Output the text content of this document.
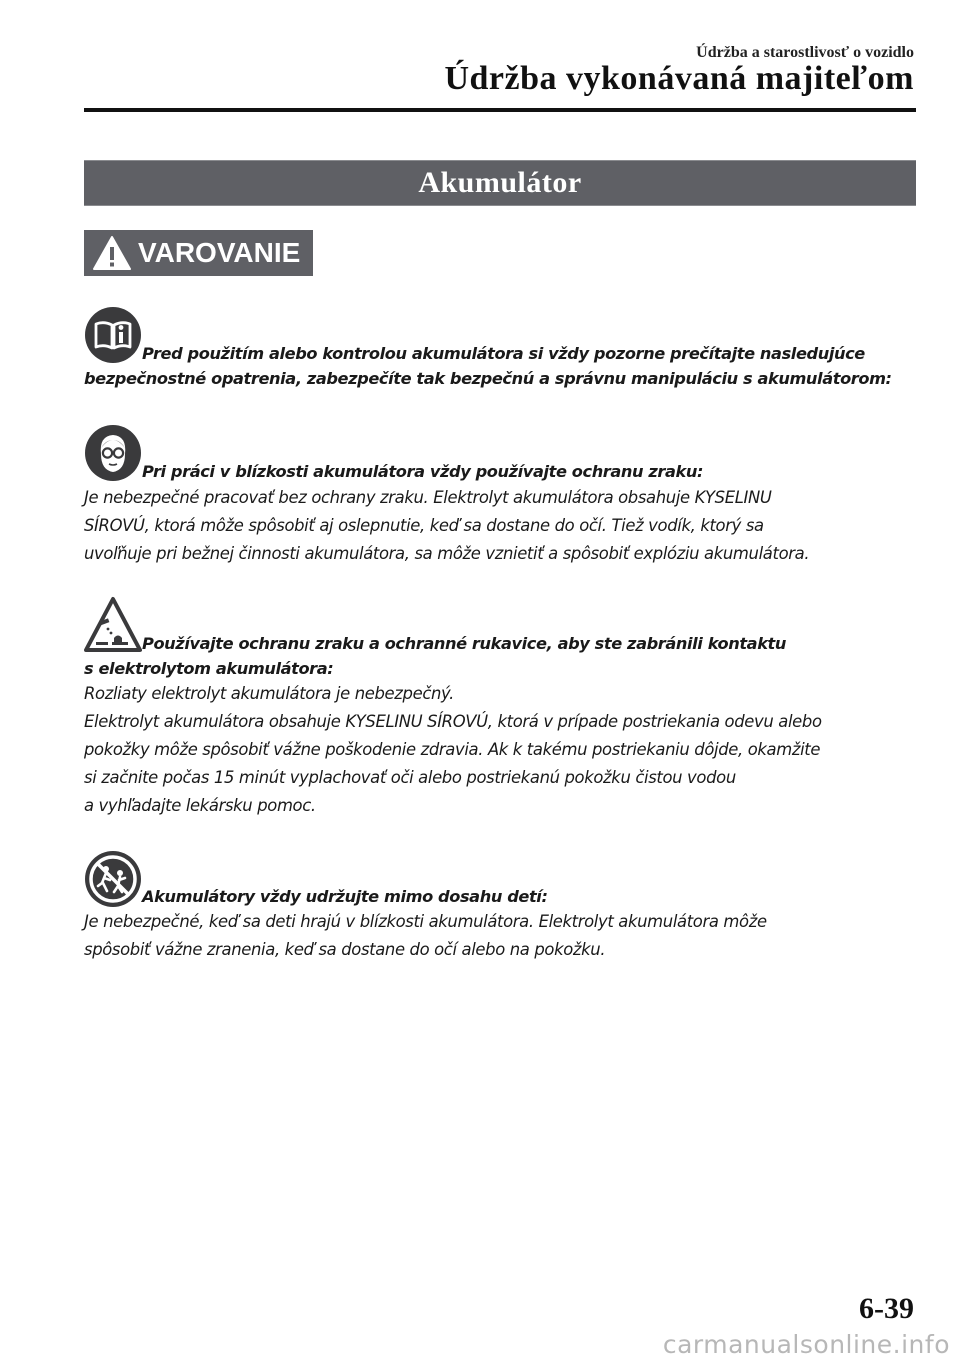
Údržba a starostlivosť o vozidlo
Údržba vykonávaná majiteľom
Akumulátor
VAROVANIE
Pred použitím alebo kontrolou akumulátora si vždy pozorne prečítajte nasledujúce
bezpečnostné opatrenia, zabezpečíte tak bezpečnú a správnu manipuláciu s akumulátorom:
Pri práci v blízkosti akumulátora vždy používajte ochranu zraku:
Je nebezpečné pracovať bez ochrany zraku. Elektrolyt akumulátora obsahuje KYSELINU
SÍROVÚ, ktorá môže spôsobiť aj oslepnutie, keď sa dostane do očí. Tiež vodík, ktorý sa
uvoľňuje pri bežnej činnosti akumulátora, sa môže vznietiť a spôsobiť explóziu akumulátora.
Používajte ochranu zraku a ochranné rukavice, aby ste zabránili kontaktu
s elektrolytom akumulátora:
Rozliaty elektrolyt akumulátora je nebezpečný.
Elektrolyt akumulátora obsahuje KYSELINU SÍROVÚ, ktorá v prípade postriekania odevu alebo
pokožky môže spôsobiť vážne poškodenie zdravia. Ak k takému postriekaniu dôjde, okamžite
si začnite počas 15 minút vyplachovať oči alebo postriekanú pokožku čistou vodou
a vyhľadajte lekársku pomoc.
Akumulátory vždy udržujte mimo dosahu detí:
Je nebezpečné, keď sa deti hrajú v blízkosti akumulátora. Elektrolyt akumulátora môže
spôsobiť vážne zranenia, keď sa dostane do očí alebo na pokožku.
6-39
carmanualsonline.info
